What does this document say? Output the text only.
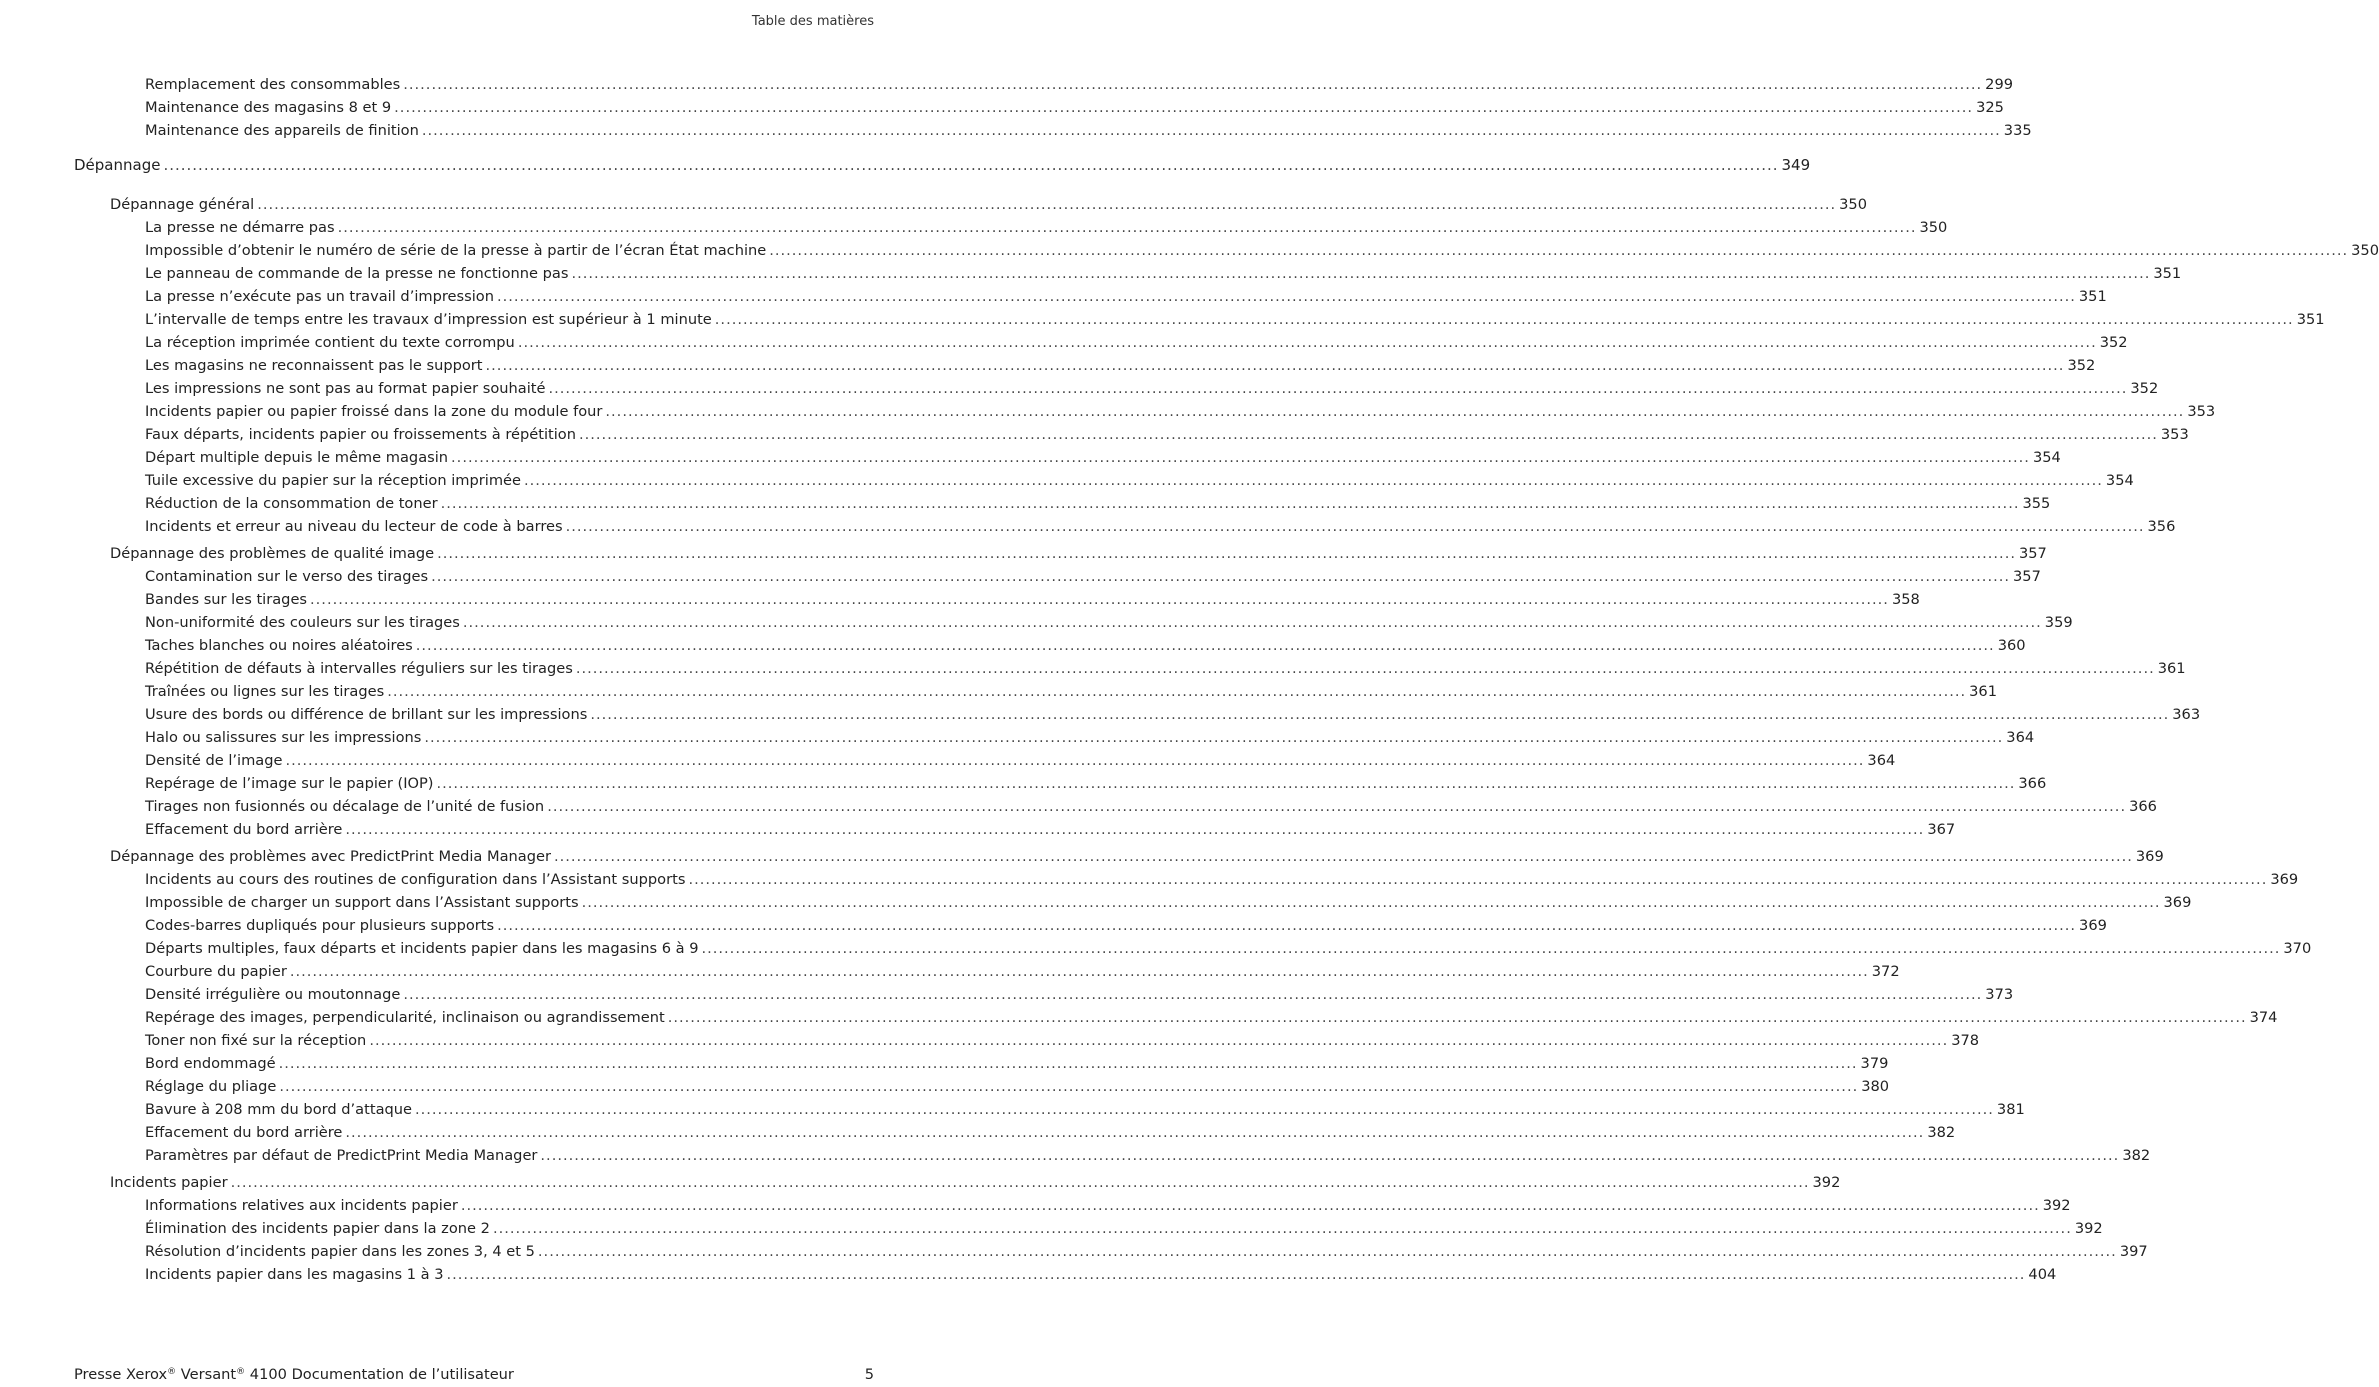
Table des matières
Remplacement des consommables .....	299
Maintenance des magasins 8 et 9 .....	325
Maintenance des appareils de finition .....	335
Dépannage .....	349
Dépannage général .....	350
La presse ne démarre pas .....	350
Impossible d’obtenir le numéro de série de la presse à partir de l’écran État machine .....	350
Le panneau de commande de la presse ne fonctionne pas .....	351
La presse n’exécute pas un travail d’impression .....	351
L’intervalle de temps entre les travaux d’impression est supérieur à 1 minute .....	351
La réception imprimée contient du texte corrompu .....	352
Les magasins ne reconnaissent pas le support .....	352
Les impressions ne sont pas au format papier souhaité .....	352
Incidents papier ou papier froissé dans la zone du module four .....	353
Faux départs, incidents papier ou froissements à répétition .....	353
Départ multiple depuis le même magasin .....	354
Tuile excessive du papier sur la réception imprimée .....	354
Réduction de la consommation de toner .....	355
Incidents et erreur au niveau du lecteur de code à barres .....	356
Dépannage des problèmes de qualité image .....	357
Contamination sur le verso des tirages .....	357
Bandes sur les tirages .....	358
Non-uniformité des couleurs sur les tirages .....	359
Taches blanches ou noires aléatoires .....	360
Répétition de défauts à intervalles réguliers sur les tirages .....	361
Traînées ou lignes sur les tirages .....	361
Usure des bords ou différence de brillant sur les impressions .....	363
Halo ou salissures sur les impressions .....	364
Densité de l’image .....	364
Repérage de l’image sur le papier (IOP) .....	366
Tirages non fusionnés ou décalage de l’unité de fusion .....	366
Effacement du bord arrière .....	367
Dépannage des problèmes avec PredictPrint Media Manager .....	369
Incidents au cours des routines de configuration dans l’Assistant supports .....	369
Impossible de charger un support dans l’Assistant supports .....	369
Codes-barres dupliqués pour plusieurs supports .....	369
Départs multiples, faux départs et incidents papier dans les magasins 6 à 9 .....	370
Courbure du papier .....	372
Densité irrégulière ou moutonnage .....	373
Repérage des images, perpendicularité, inclinaison ou agrandissement .....	374
Toner non fixé sur la réception .....	378
Bord endommagé .....	379
Réglage du pliage .....	380
Bavure à 208 mm du bord d’attaque .....	381
Effacement du bord arrière .....	382
Paramètres par défaut de PredictPrint Media Manager .....	382
Incidents papier .....	392
Informations relatives aux incidents papier .....	392
Élimination des incidents papier dans la zone 2 .....	392
Résolution d’incidents papier dans les zones 3, 4 et 5 .....	397
Incidents papier dans les magasins 1 à 3 .....	404
Presse Xerox® Versant® 4100 Documentation de l’utilisateur	5
